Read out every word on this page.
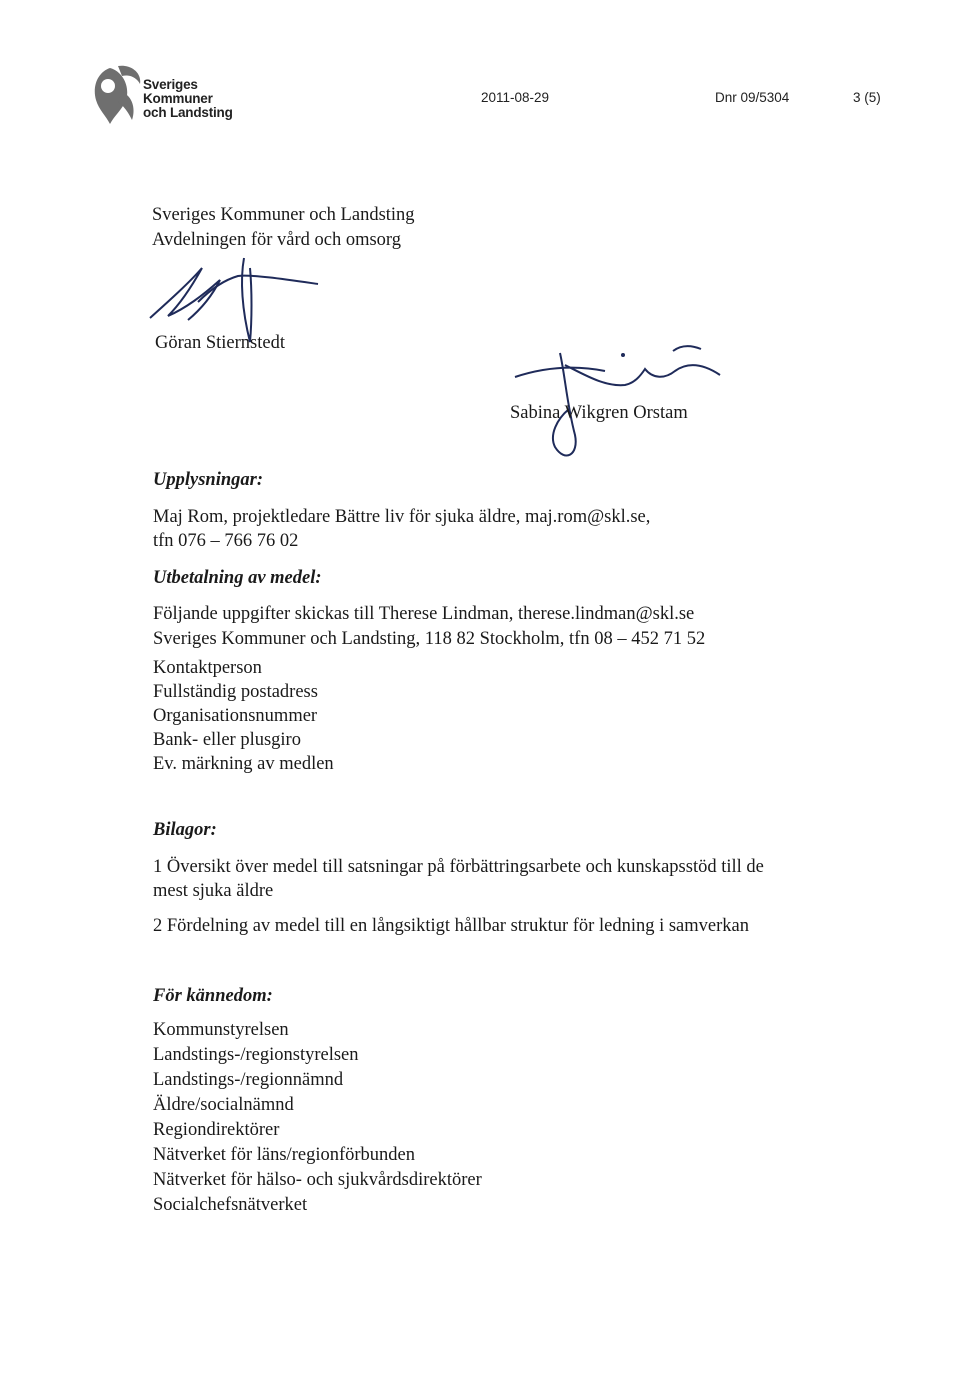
Sveriges
Kommuner
och Landsting
2011-08-29	Dnr 09/5304	3 (5)
Sveriges Kommuner och Landsting
Avdelningen för vård och omsorg
Göran Stiernstedt
Sabina Wikgren Orstam
Upplysningar:
Maj Rom, projektledare Bättre liv för sjuka äldre, maj.rom@skl.se,
tfn 076 – 766 76 02
Utbetalning av medel:
Följande uppgifter skickas till Therese Lindman, therese.lindman@skl.se
Sveriges Kommuner och Landsting, 118 82 Stockholm, tfn 08 – 452 71 52
Kontaktperson
Fullständig postadress
Organisationsnummer
Bank- eller plusgiro
Ev. märkning av medlen
Bilagor:
1 Översikt över medel till satsningar på förbättringsarbete och kunskapsstöd till de
mest sjuka äldre
2 Fördelning av medel till en långsiktigt hållbar struktur för ledning i samverkan
För kännedom:
Kommunstyrelsen
Landstings-/regionstyrelsen
Landstings-/regionnämnd
Äldre/socialnämnd
Regiondirektörer
Nätverket för läns/regionförbunden
Nätverket för hälso- och sjukvårdsdirektörer
Socialchefsnätverket
